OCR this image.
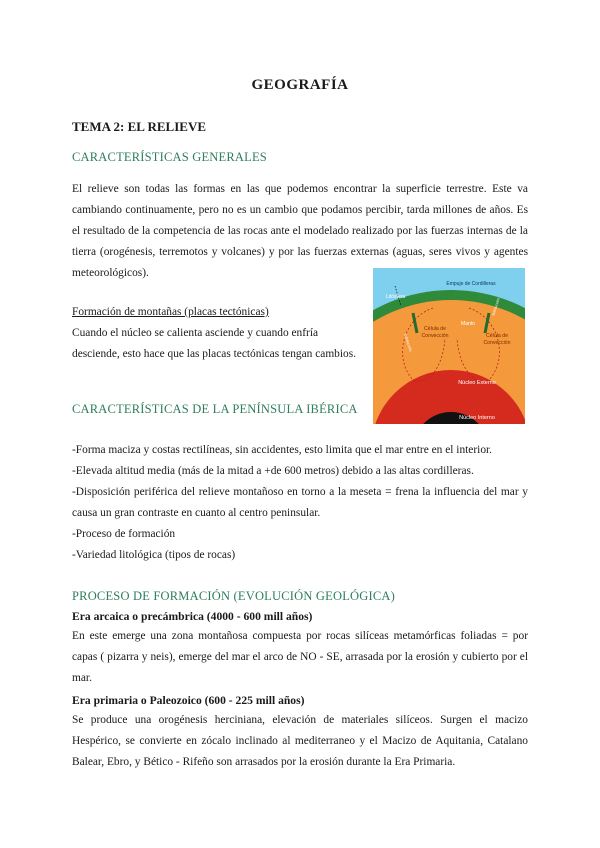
GEOGRAFÍA
TEMA 2: EL RELIEVE
CARACTERÍSTICAS GENERALES

El relieve son todas las formas en las que podemos encontrar la superficie terrestre. Este va cambiando continuamente, pero no es un cambio que podamos percibir, tarda millones de años. Es el resultado de la competencia de las rocas ante el modelado realizado por las fuerzas internas de la tierra (orogénesis, terremotos y volcanes) y por las fuerzas externas (aguas, seres vivos y agentes meteorológicos).

Formación de montañas (placas tectónicas)
Cuando el núcleo se calienta asciende y cuando enfría
desciende, esto hace que las placas tectónicas tengan cambios.
Empuje de Cordilleras
Litósfera
Célula de
Convección
Manto
Célula de
Convección
Núcleo Externo
Núcleo Interno
Subducción
Subducción
CARACTERÍSTICAS DE LA PENÍNSULA IBÉRICA
-Forma maciza y costas rectilíneas, sin accidentes, esto limita que el mar entre en el interior.
-Elevada altitud media (más de la mitad a +de 600 metros) debido a las altas cordilleras.

-Disposición periférica del relieve montañoso en torno a la meseta = frena la influencia del mar y causa un gran contraste en cuanto al centro peninsular.

-Proceso de formación
-Variedad litológica (tipos de rocas)
PROCESO DE FORMACIÓN (EVOLUCIÓN GEOLÓGICA)
Era arcaica o precámbrica (4000 - 600 mill años)

En este emerge una zona montañosa compuesta por rocas silíceas metamórficas foliadas = por capas ( pizarra y neis), emerge del mar el arco de NO - SE, arrasada por la erosión y cubierto por el mar.

Era primaria o Paleozoico (600 - 225 mill años)

Se produce una orogénesis herciniana, elevación de materiales silíceos. Surgen el macizo Hespérico, se convierte en zócalo inclinado al mediterraneo y el Macizo de Aquitania, Catalano Balear, Ebro, y Bético - Rifeño son arrasados por la erosión durante la Era Primaria.
